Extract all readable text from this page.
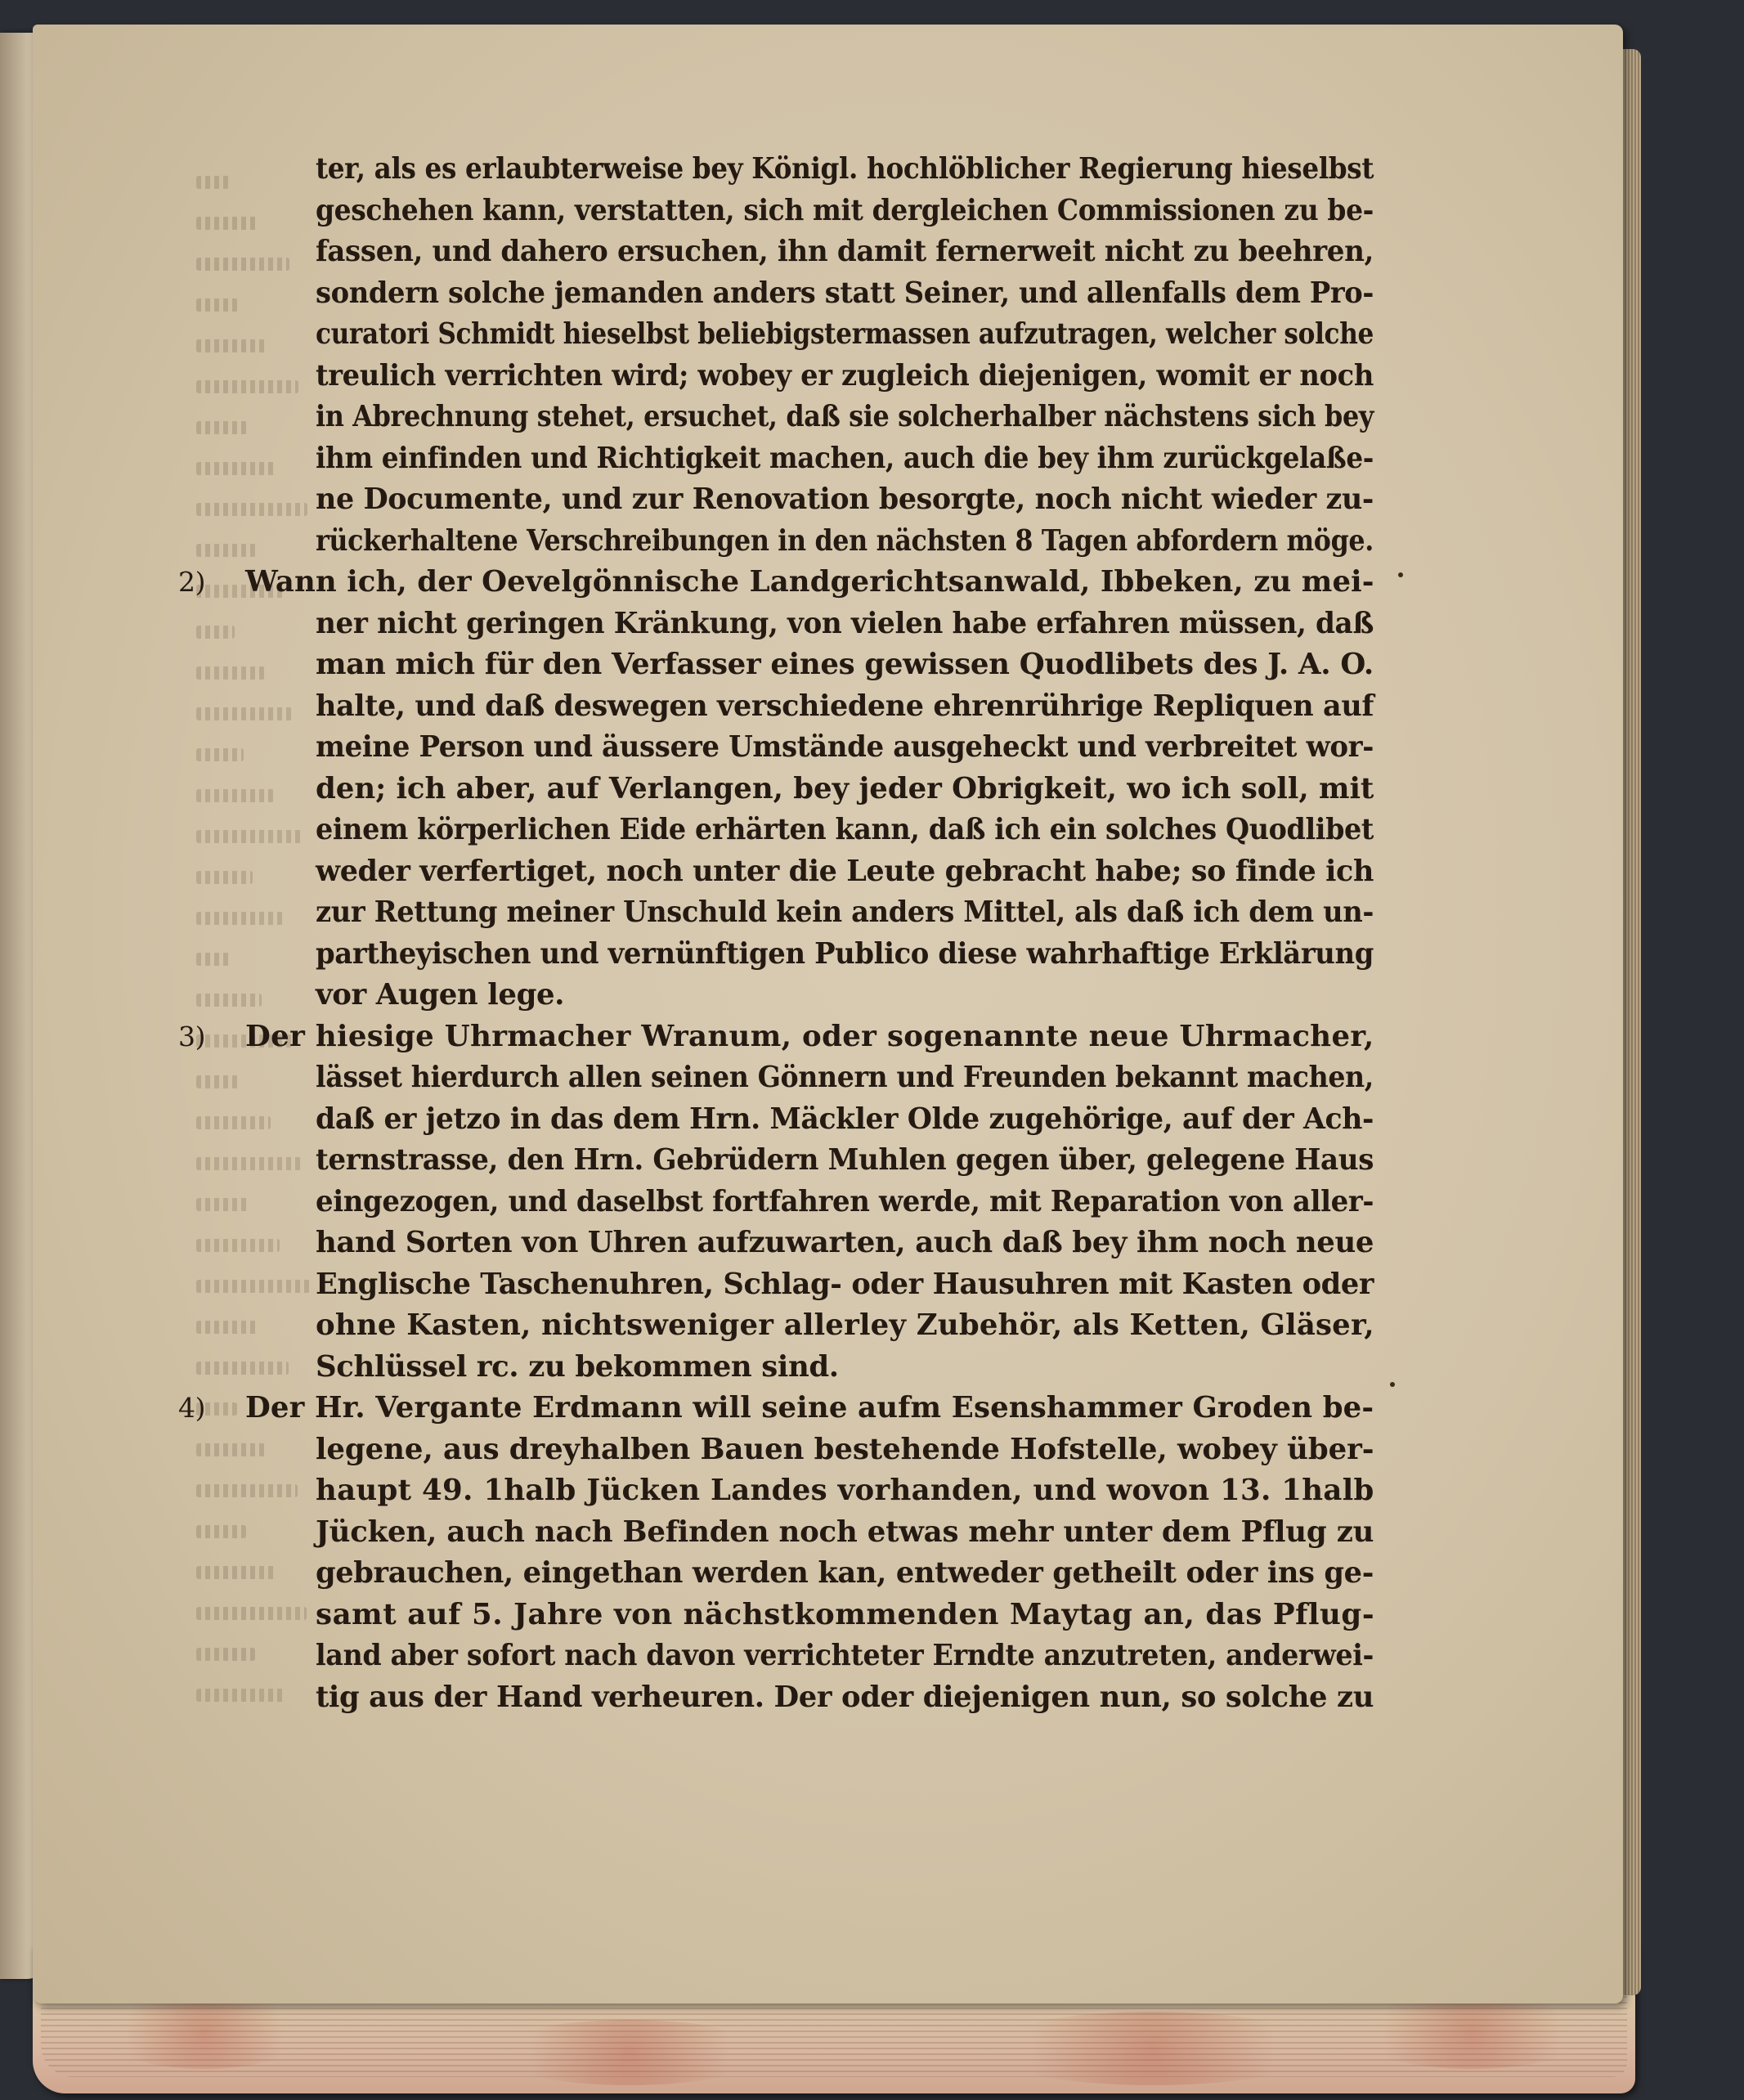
ter, als es erlaubterweise bey Königl. hochlöblicher Regierung hieselbst
geschehen kann, verstatten, sich mit dergleichen Commissionen zu be-
fassen, und dahero ersuchen, ihn damit fernerweit nicht zu beehren,
sondern solche jemanden anders statt Seiner, und allenfalls dem Pro-
curatori Schmidt hieselbst beliebigstermassen aufzutragen, welcher solche
treulich verrichten wird; wobey er zugleich diejenigen, womit er noch
in Abrechnung stehet, ersuchet, daß sie solcherhalber nächstens sich bey
ihm einfinden und Richtigkeit machen, auch die bey ihm zurückgelaße-
ne Documente, und zur Renovation besorgte, noch nicht wieder zu-
rückerhaltene Verschreibungen in den nächsten 8 Tagen abfordern möge.
2) Wann ich, der Oevelgönnische Landgerichtsanwald, Ibbeken, zu mei-
ner nicht geringen Kränkung, von vielen habe erfahren müssen, daß
man mich für den Verfasser eines gewissen Quodlibets des J. A. O.
halte, und daß deswegen verschiedene ehrenrührige Repliquen auf
meine Person und äussere Umstände ausgeheckt und verbreitet wor-
den; ich aber, auf Verlangen, bey jeder Obrigkeit, wo ich soll, mit
einem körperlichen Eide erhärten kann, daß ich ein solches Quodlibet
weder verfertiget, noch unter die Leute gebracht habe; so finde ich
zur Rettung meiner Unschuld kein anders Mittel, als daß ich dem un-
partheyischen und vernünftigen Publico diese wahrhaftige Erklärung
vor Augen lege.
3) Der hiesige Uhrmacher Wranum, oder sogenannte neue Uhrmacher,
lässet hierdurch allen seinen Gönnern und Freunden bekannt machen,
daß er jetzo in das dem Hrn. Mäckler Olde zugehörige, auf der Ach-
ternstrasse, den Hrn. Gebrüdern Muhlen gegen über, gelegene Haus
eingezogen, und daselbst fortfahren werde, mit Reparation von aller-
hand Sorten von Uhren aufzuwarten, auch daß bey ihm noch neue
Englische Taschenuhren, Schlag- oder Hausuhren mit Kasten oder
ohne Kasten, nichtsweniger allerley Zubehör, als Ketten, Gläser,
Schlüssel rc. zu bekommen sind.
4) Der Hr. Vergante Erdmann will seine aufm Esenshammer Groden be-
legene, aus dreyhalben Bauen bestehende Hofstelle, wobey über-
haupt 49. 1halb Jücken Landes vorhanden, und wovon 13. 1halb
Jücken, auch nach Befinden noch etwas mehr unter dem Pflug zu
gebrauchen, eingethan werden kan, entweder getheilt oder ins ge-
samt auf 5. Jahre von nächstkommenden Maytag an, das Pflug-
land aber sofort nach davon verrichteter Erndte anzutreten, anderwei-
tig aus der Hand verheuren. Der oder diejenigen nun, so solche zu
